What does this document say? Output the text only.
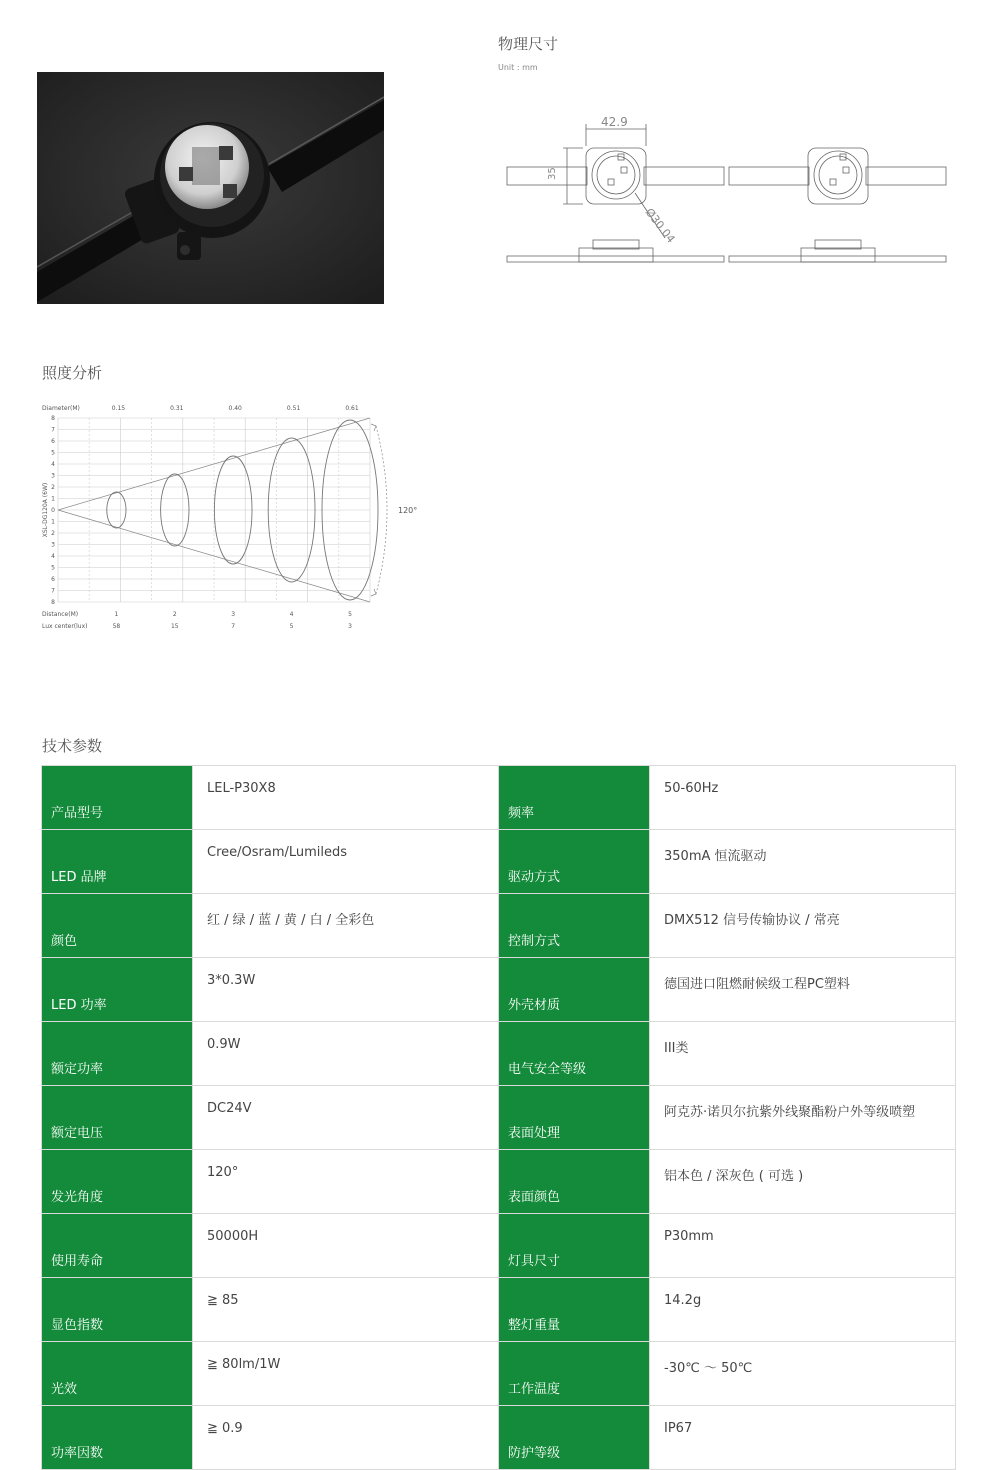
物理尺寸
Unit : mm
42.9
35
Ø30.04
照度分析
Diameter(M)
Distance(M)
Lux center(lux)
XSL-DG120A (6W)	120°
8
7
6
5
4
3
2
1
0
1
2
3
4
5
6
7
8
0.15
1
58
0.31
2
15
0.40
3
7
0.51
4
5
0.61
5
3
技术参数
产品型号	LEL-P30X8	频率	50-60Hz
LED 品牌	Cree/Osram/Lumileds	驱动方式	350mA 恒流驱动
颜色	红 / 绿 / 蓝 / 黄 / 白 / 全彩色	控制方式	DMX512 信号传输协议 / 常亮
LED 功率	3*0.3W	外壳材质	德国进口阻燃耐候级工程PC塑料
额定功率	0.9W	电气安全等级	III类
额定电压	DC24V	表面处理	阿克苏·诺贝尔抗紫外线聚酯粉户外等级喷塑
发光角度	120°	表面颜色	铝本色 / 深灰色 ( 可选 )
使用寿命	50000H	灯具尺寸	P30mm
显色指数	≧ 85	整灯重量	14.2g
光效	≧ 80lm/1W	工作温度	-30℃ ～ 50℃
功率因数	≧ 0.9	防护等级	IP67
